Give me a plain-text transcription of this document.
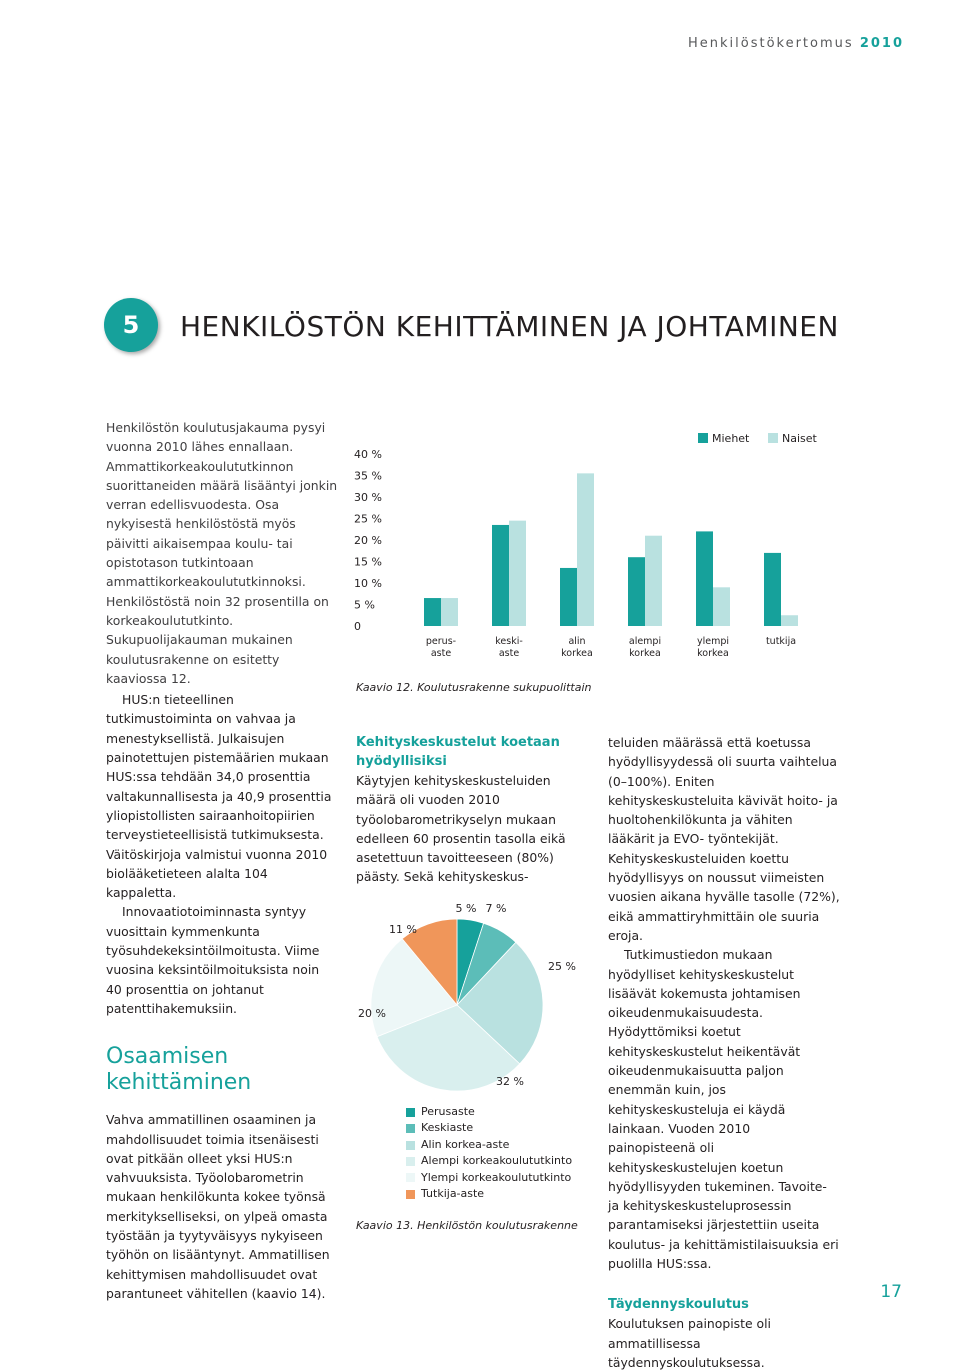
Henkilöstökertomus 2010
5	HENKILÖSTÖN KEHITTÄMINEN JA JOHTAMINEN

Henkilöstön koulutusjakauma pysyi vuonna 2010 lähes ennallaan. Ammattikorkeakoulututkinnon suorittaneiden määrä lisääntyi jonkin verran edellisvuodesta. Osa nykyisestä henkilöstöstä myös päivitti aikaisempaa koulu- tai opistotason tutkintoaan ammattikorkeakoulututkinnoksi. Henkilöstöstä noin 32 prosentilla on korkeakoulututkinto. Sukupuolijakauman mukainen koulutusrakenne on esitetty kaaviossa 12.

HUS:n tieteellinen tutkimustoiminta on vahvaa ja menestyksellistä. Julkaisujen painotettujen pistemäärien mukaan HUS:ssa tehdään 34,0 prosenttia valtakunnallisesta ja 40,9 prosenttia yliopistollisten sairaanhoitopiirien terveystieteellisistä tutkimuksesta. Väitöskirjoja valmistui vuonna 2010 biolääketieteen alalta 104 kappaletta.

Innovaatiotoiminnasta syntyy vuosittain kymmenkunta työsuhdekeksintöilmoitusta. Viime vuosina keksintöilmoituksista noin 40 prosenttia on johtanut patenttihakemuksiin.

Osaamisen kehittäminen

Vahva ammatillinen osaaminen ja mahdollisuudet toimia itsenäisesti ovat pitkään olleet yksi HUS:n vahvuuksista. Työolobarometrin mukaan henkilökunta kokee työnsä merkitykselliseksi, on ylpeä omasta työstään ja tyytyväisyys nykyiseen työhön on lisääntynyt. Ammatillisen kehittymisen mahdollisuudet ovat parantuneet vähitellen (kaavio 14).

40 %
35 %
30 %
25 %
20 %
15 %
10 %
5 %
0
perus-
aste
keski-
aste
alin
korkea
alempi
korkea
ylempi
korkea
tutkija
Miehet	Naiset
Kaavio 12. Koulutusrakenne sukupuolittain
Kehityskeskustelut koetaan hyödyllisiksi

Käytyjen kehityskeskusteluiden määrä oli vuoden 2010 työolobarometrikyselyn mukaan edelleen 60 prosentin tasolla eikä asetettuun tavoitteeseen (80%) päästy. Sekä kehityskeskus-

5 % 7 %
25 %
32 %
20 %
11 %
Perusaste
Keskiaste
Alin korkea-aste
Alempi korkeakoulututkinto
Ylempi korkeakoulututkinto
Tutkija-aste
Kaavio 13. Henkilöstön koulutusrakenne

teluiden määrässä että koetussa hyödyllisyydessä oli suurta vaihtelua (0–100%). Eniten kehityskeskusteluita kävivät hoito- ja huoltohenkilökunta ja vähiten lääkärit ja EVO- työntekijät. Kehityskeskusteluiden koettu hyödyllisyys on noussut viimeisten vuosien aikana hyvälle tasolle (72%), eikä ammattiryhmittäin ole suuria eroja.

Tutkimustiedon mukaan hyödylliset kehityskeskustelut lisäävät kokemusta johtamisen oikeudenmukaisuudesta. Hyödyttömiksi koetut kehityskeskustelut heikentävät oikeudenmukaisuutta paljon enemmän kuin, jos kehityskeskusteluja ei käydä lainkaan. Vuoden 2010 painopisteenä oli kehityskeskustelujen koetun hyödyllisyyden tukeminen. Tavoite- ja kehityskeskusteluprosessin parantamiseksi järjestettiin useita koulutus- ja kehittämistilaisuuksia eri puolilla HUS:ssa.

Täydennyskoulutus

Koulutuksen painopiste oli ammatillisessa täydennyskoulutuksessa.

17
